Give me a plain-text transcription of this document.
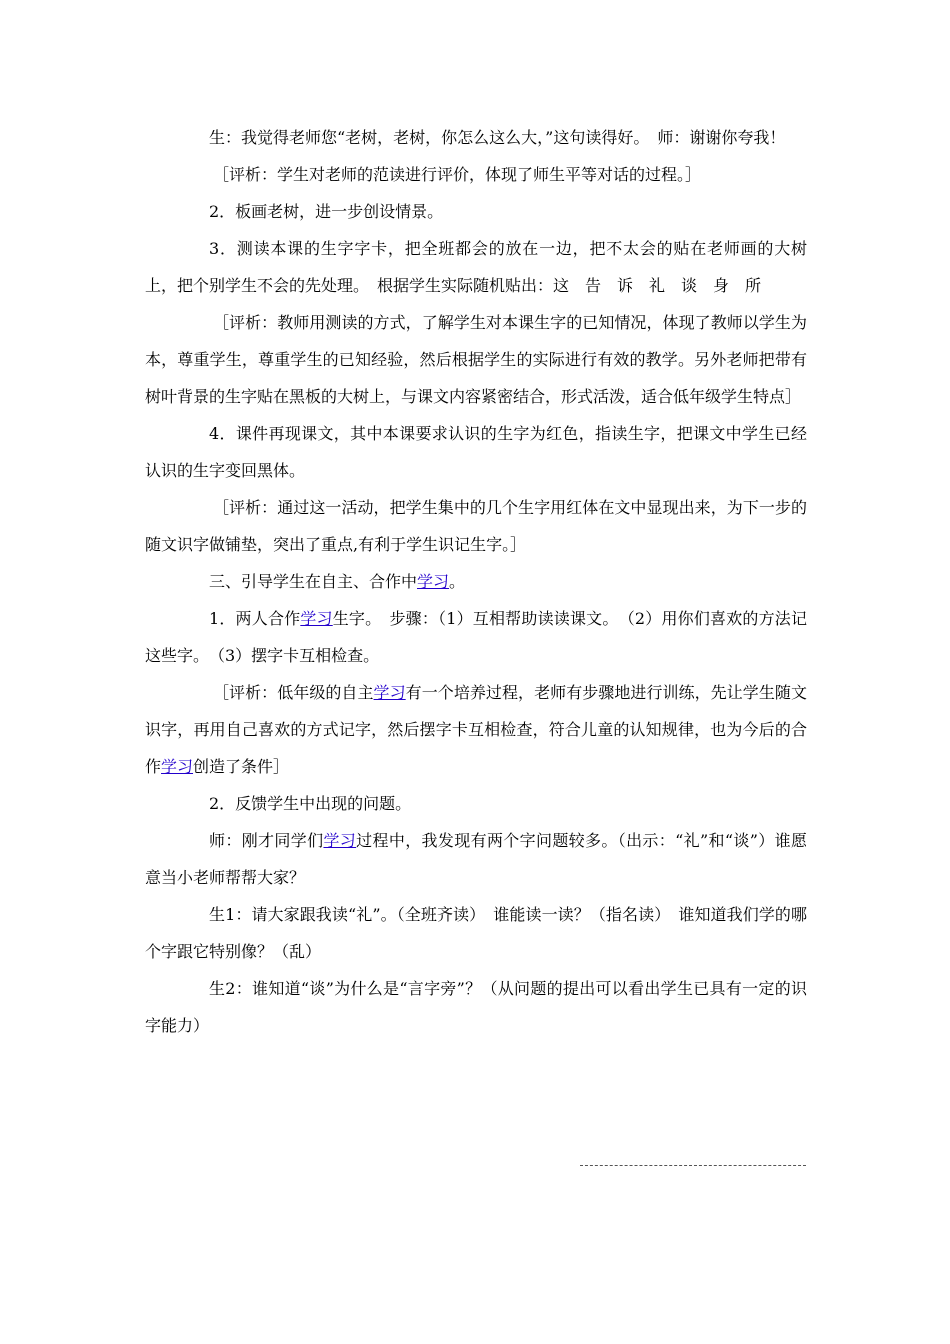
生：我觉得老师您“老树，老树，你怎么这么大，”这句读得好。　师：谢谢你夸我！

［评析：学生对老师的范读进行评价，体现了师生平等对话的过程。］

2．板画老树，进一步创设情景。

3．测读本课的生字字卡，把全班都会的放在一边，把不太会的贴在老师画的大树上，把个别学生不会的先处理。　根据学生实际随机贴出：这　告　诉　礼　谈　身　所

［评析：教师用测读的方式，了解学生对本课生字的已知情况，体现了教师以学生为本，尊重学生，尊重学生的已知经验，然后根据学生的实际进行有效的教学。另外老师把带有树叶背景的生字贴在黑板的大树上，与课文内容紧密结合，形式活泼，适合低年级学生特点］

4．课件再现课文，其中本课要求认识的生字为红色，指读生字，把课文中学生已经认识的生字变回黑体。

［评析：通过这一活动，把学生集中的几个生字用红体在文中显现出来，为下一步的随文识字做铺垫，突出了重点,有利于学生识记生字。］

三、引导学生在自主、合作中学习。

1．两人合作学习生字。　步骤：（1）互相帮助读读课文。　（2）用你们喜欢的方法记这些字。　（3）摆字卡互相检查。

［评析：低年级的自主学习有一个培养过程，老师有步骤地进行训练，先让学生随文识字，再用自己喜欢的方式记字，然后摆字卡互相检查，符合儿童的认知规律，也为今后的合作学习创造了条件］

2．反馈学生中出现的问题。

师：刚才同学们学习过程中，我发现有两个字问题较多。（出示：“礼”和“谈”）谁愿意当小老师帮帮大家？

生1：请大家跟我读“礼”。（全班齐读）　谁能读一读？（指名读）　谁知道我们学的哪个字跟它特别像？（乱）

生2：谁知道“谈”为什么是“言字旁”？（从问题的提出可以看出学生已具有一定的识字能力）
